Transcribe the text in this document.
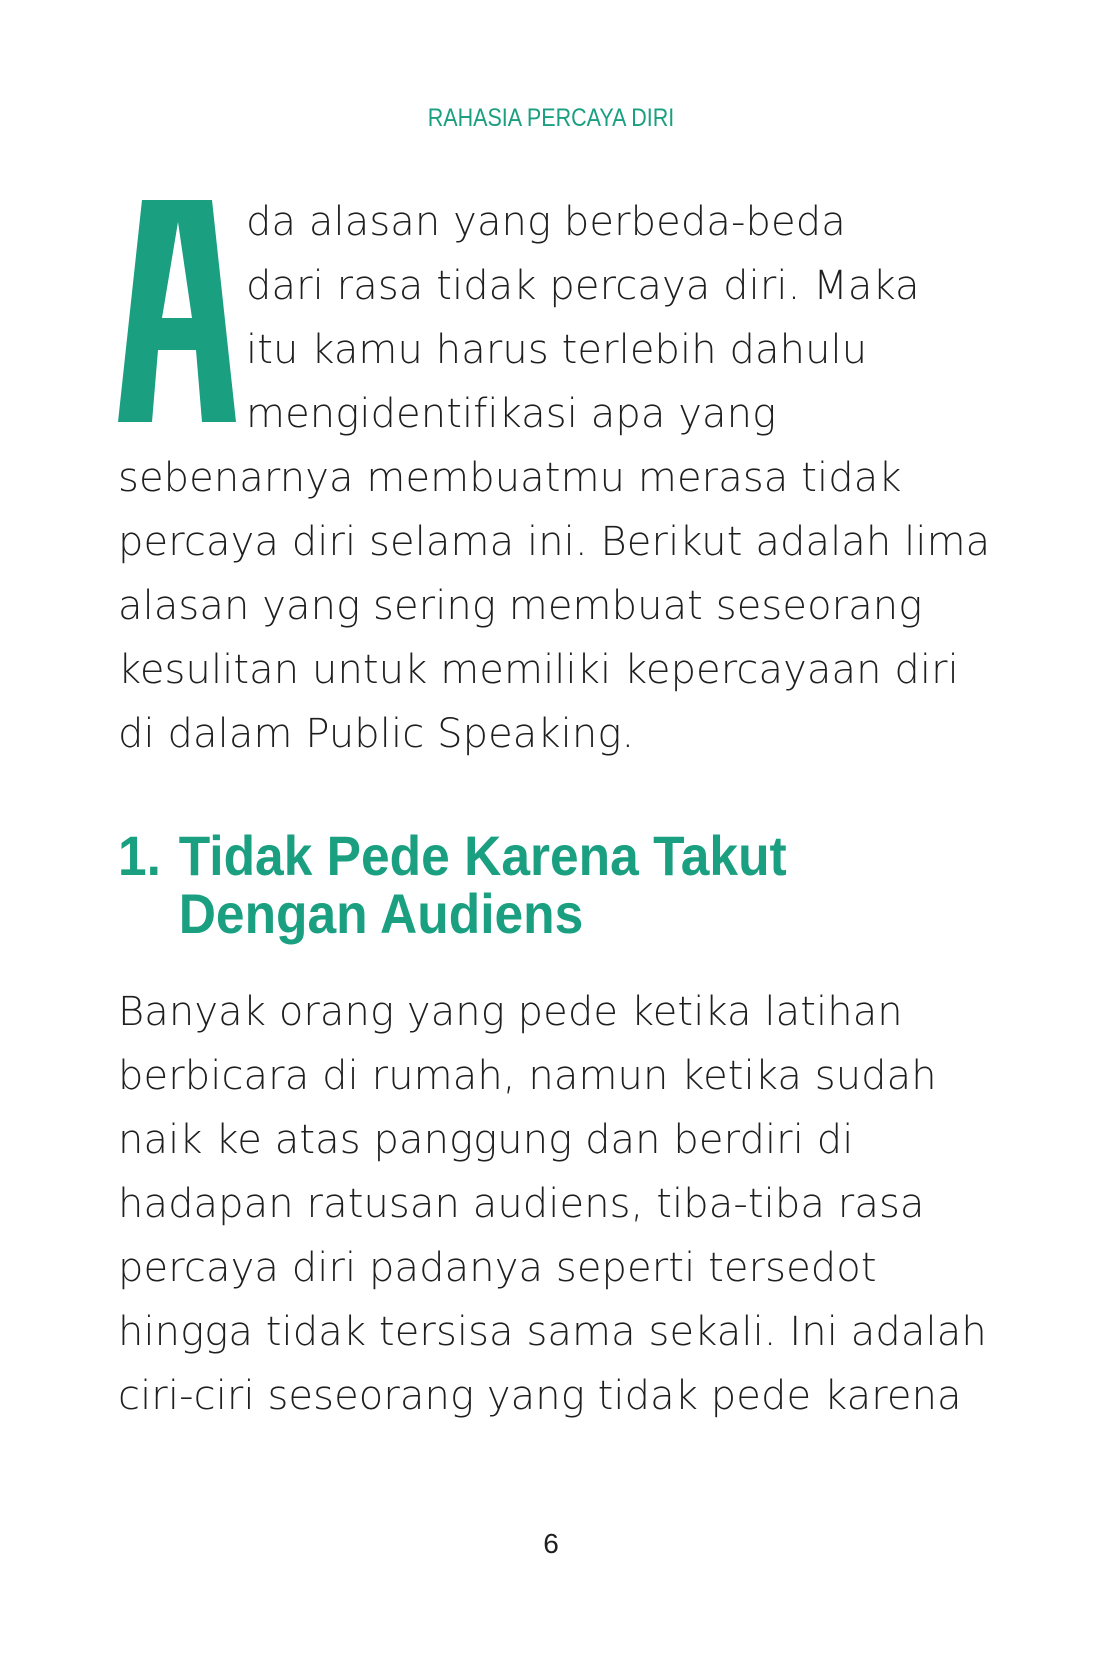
RAHASIA PERCAYA DIRI
A	da alasan yang berbeda-beda
dari rasa tidak percaya diri. Maka
itu kamu harus terlebih dahulu
mengidentifikasi apa yang
sebenarnya membuatmu merasa tidak
percaya diri selama ini. Berikut adalah lima
alasan yang sering membuat seseorang
kesulitan untuk memiliki kepercayaan diri
di dalam Public Speaking.
1. Tidak Pede Karena Takut
Dengan Audiens
Banyak orang yang pede ketika latihan
berbicara di rumah, namun ketika sudah
naik ke atas panggung dan berdiri di
hadapan ratusan audiens, tiba-tiba rasa
percaya diri padanya seperti tersedot
hingga tidak tersisa sama sekali. Ini adalah
ciri-ciri seseorang yang tidak pede karena
6
